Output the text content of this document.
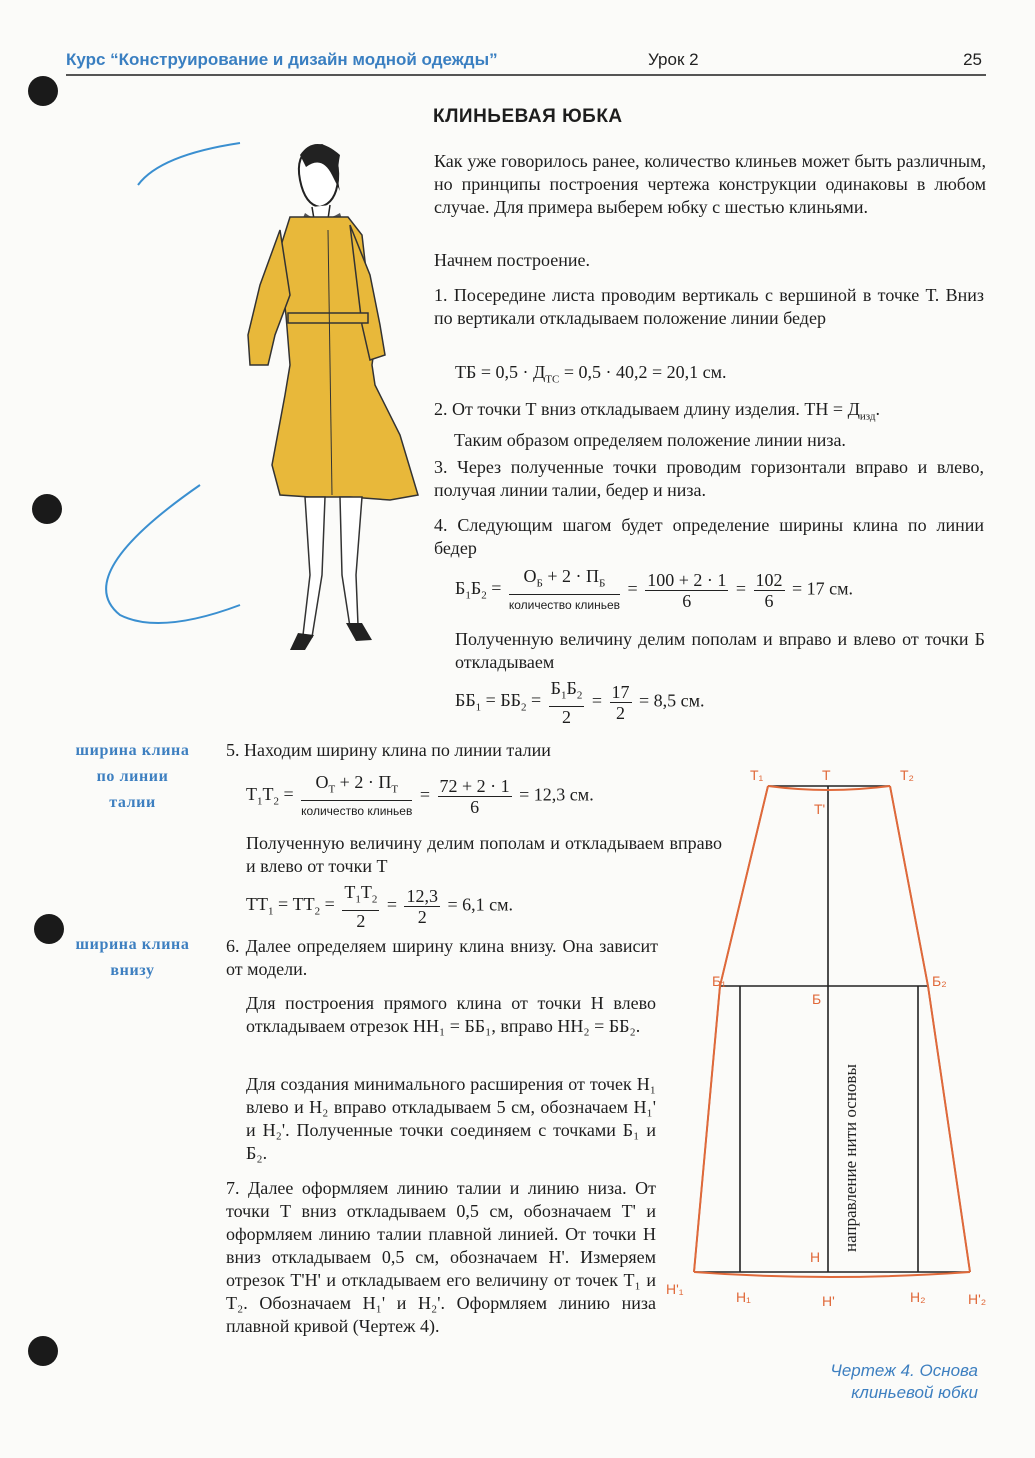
Курс “Конструирование и дизайн модной одежды”	Урок 2	25
КЛИНЬЕВАЯ ЮБКА
Как уже говорилось ранее, количество клиньев может быть различным, но принципы построения чертежа конструкции одинаковы в любом случае. Для примера выберем юбку с шестью клиньями.
Начнем построение.
1. Посередине листа проводим вертикаль с вершиной в точке Т. Вниз по вертикали откладываем положение линии бедер
ТБ = $0,5 \cdot Д_{ТС} = 0,5 \cdot 40,2 = 20,1$ см.
2. От точки Т вниз откладываем длину изделия. ТН = $Д_{изд}$.
Таким образом определяем положение линии низа.
3. Через полученные точки проводим горизонтали вправо и влево, получая линии талии, бедер и низа.
4. Следующим шагом будет определение ширины клина по линии бедер
$Б_1Б_2 = \frac{О_Б + 2 \cdot П_Б}{\text{количество клиньев}} = \frac{100 + 2 \cdot 1}{6} = \frac{102}{6} = 17$ см.
Полученную величину делим пополам и вправо и влево от точки Б откладываем
$ББ_1 = ББ_2 = \frac{Б_1Б_2}{2} = \frac{17}{2} = 8,5$ см.
ширина клина
по линии
талии
ширина клина
внизу
5. Находим ширину клина по линии талии
$Т_1Т_2 = \frac{О_Т + 2 \cdot П_Т}{\text{количество клиньев}} = \frac{72 + 2 \cdot 1}{6} = 12,3$ см.
Полученную величину делим пополам и откладываем вправо и влево от точки Т
$ТТ_1 = ТТ_2 = \frac{Т_1Т_2}{2} = \frac{12,3}{2} = 6,1$ см.
6. Далее определяем ширину клина внизу. Она зависит от модели.
Для построения прямого клина от точки Н влево откладываем отрезок НН₁ = ББ₁, вправо НН₂ = ББ₂.
Для создания минимального расширения от точек Н₁ влево и Н₂ вправо откладываем 5 см, обозначаем Н₁' и Н₂'. Полученные точки соединяем с точками Б₁ и Б₂.
7. Далее оформляем линию талии и линию низа. От точки Т вниз откладываем 0,5 см, обозначаем Т' и оформляем линию талии плавной линией. От точки Н вниз откладываем 0,5 см, обозначаем Н'. Измеряем отрезок Т'Н' и откладываем его величину от точек Т₁ и Т₂. Обозначаем Н₁' и Н₂'. Оформляем линию низа плавной кривой (Чертеж 4).
Т₁	Т	Т₂
Т'
Б₁
Б
Б₂
Н
Н'₁	Н₁	Н'	Н₂	Н'₂
направление нити основы
Чертеж 4. Основа
клиньевой юбки
